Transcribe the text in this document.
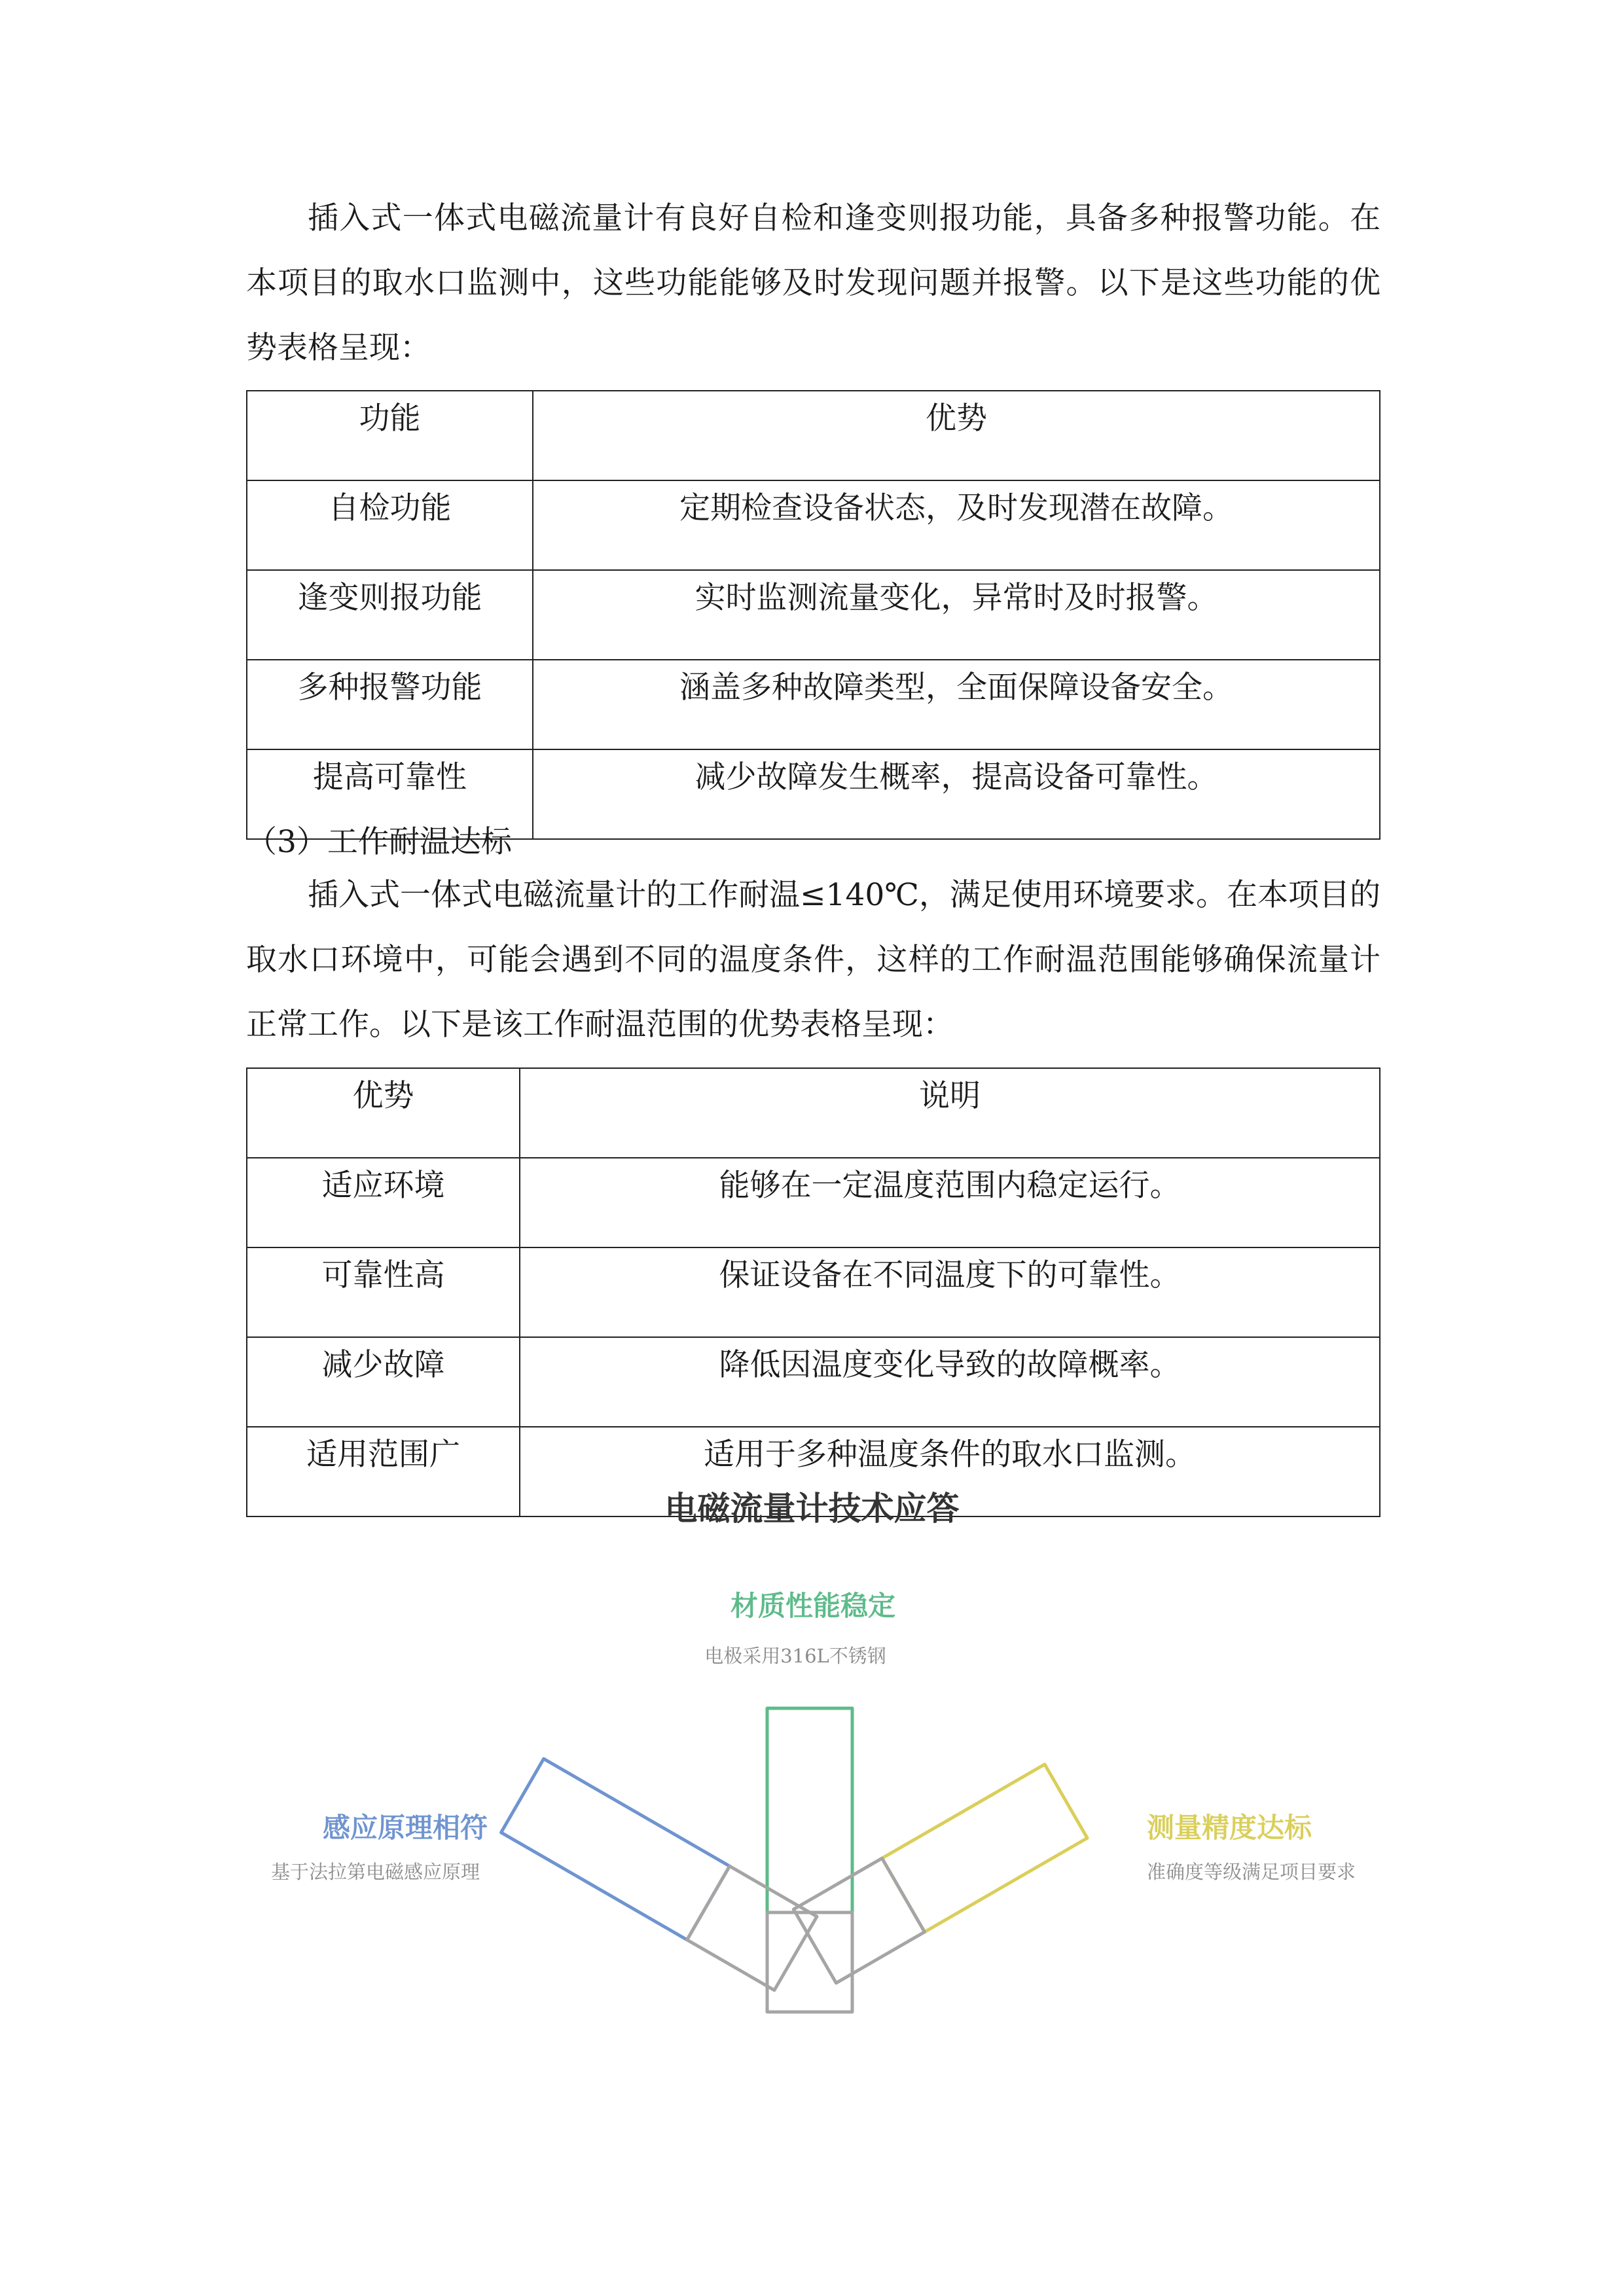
插入式一体式电磁流量计有良好自检和逢变则报功能，具备多种报警功能。在本项目的取水口监测中，这些功能能够及时发现问题并报警。以下是这些功能的优势表格呈现：

功能	优势
自检功能	定期检查设备状态，及时发现潜在故障。
逢变则报功能	实时监测流量变化，异常时及时报警。
多种报警功能	涵盖多种故障类型，全面保障设备安全。
提高可靠性	减少故障发生概率，提高设备可靠性。

（3）工作耐温达标

插入式一体式电磁流量计的工作耐温≤140℃，满足使用环境要求。在本项目的取水口环境中，可能会遇到不同的温度条件，这样的工作耐温范围能够确保流量计正常工作。以下是该工作耐温范围的优势表格呈现：

优势	说明
适应环境	能够在一定温度范围内稳定运行。
可靠性高	保证设备在不同温度下的可靠性。
减少故障	降低因温度变化导致的故障概率。
适用范围广	适用于多种温度条件的取水口监测。
电磁流量计技术应答
材质性能稳定
电极采用316L不锈钢
感应原理相符
基于法拉第电磁感应原理
测量精度达标
准确度等级满足项目要求
